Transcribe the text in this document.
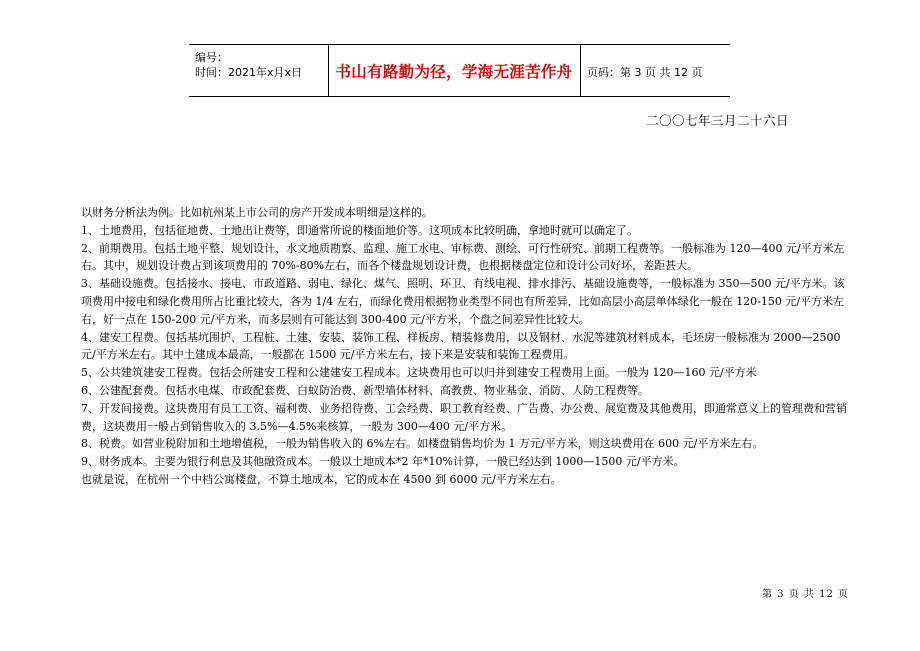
编号：
时间：2021年x月x日	书山有路勤为径，学海无涯苦作舟	页码：第 3 页 共 12 页
二〇〇七年三月二十六日

以财务分析法为例。比如杭州某上市公司的房产开发成本明细是这样的。

1、土地费用，包括征地费、土地出让费等，即通常所说的楼面地价等。这项成本比较明确，拿地时就可以确定了。

2、前期费用。包括土地平整、规划设计、水文地质勘察、监理、施工水电、审标费、测绘、可行性研究、前期工程费等。一般标准为 120—400 元/平方米左右。其中，规划设计费占到该项费用的 70%-80%左右，而各个楼盘规划设计费，也根据楼盘定位和设计公司好坏，差距甚大。

3、基础设施费。包括接水、接电、市政道路、弱电、绿化、煤气、照明、环卫、有线电视、排水排污、基础设施费等，一般标准为 350—500 元/平方米。该项费用中接电和绿化费用所占比重比较大，各为 1/4 左右，而绿化费用根据物业类型不同也有所差异，比如高层小高层单体绿化一般在 120-150 元/平方米左右，好一点在 150-200 元/平方米，而多层则有可能达到 300-400 元/平方米，个盘之间差异性比较大。

4、建安工程费。包括基坑围护、工程桩、土建、安装、装饰工程、样板房、精装修费用，以及钢材、水泥等建筑材料成本，毛坯房一般标准为 2000—2500 元/平方米左右。其中土建成本最高，一般都在 1500 元/平方米左右，接下来是安装和装饰工程费用。

5、公共建筑建安工程费。包括会所建安工程和公建建安工程成本。这块费用也可以归并到建安工程费用上面。一般为 120—160 元/平方米

6、公建配套费。包括水电煤、市政配套费、白蚁防治费、新型墙体材料、高教费、物业基金、消防、人防工程费等。

7、开发间接费。这块费用有员工工资、福利费、业务招待费、工会经费、职工教育经费、广告费、办公费、展览费及其他费用，即通常意义上的管理费和营销费，这块费用一般占到销售收入的 3.5%—4.5%来核算，一般为 300—400 元/平方米。

8、税费。如营业税附加和土地增值税，一般为销售收入的 6%左右。如楼盘销售均价为 1 万元/平方米，则这块费用在 600 元/平方米左右。

9、财务成本。主要为银行利息及其他融资成本。一般以土地成本*2 年*10%计算，一般已经达到 1000—1500 元/平方米。

也就是说，在杭州一个中档公寓楼盘，不算土地成本，它的成本在 4500 到 6000 元/平方米左右。

第 3 页 共 12 页
